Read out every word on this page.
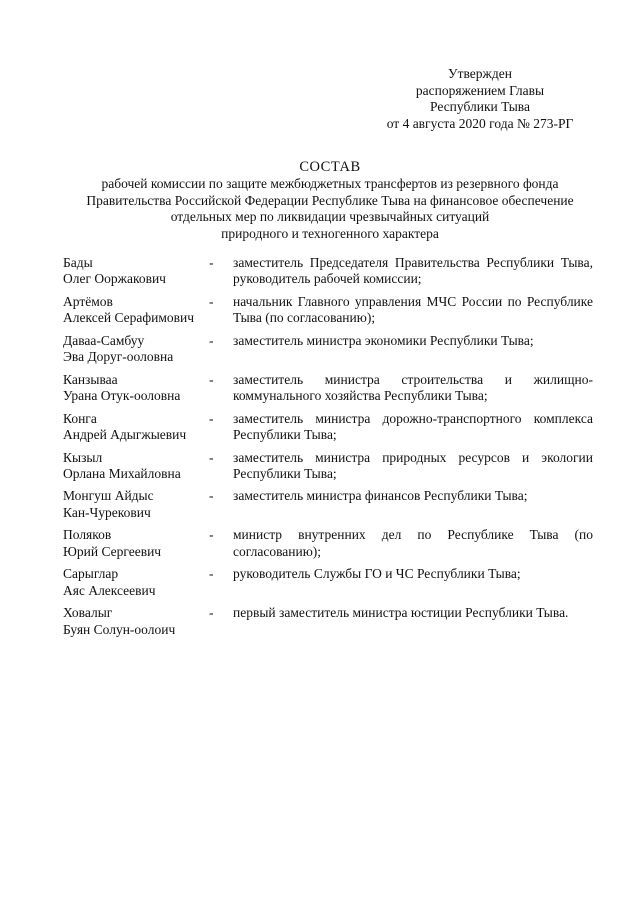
Утвержден
распоряжением Главы
Республики Тыва
от 4 августа 2020 года № 273-РГ
СОСТАВ
рабочей комиссии по защите межбюджетных трансфертов из резервного фонда
Правительства Российской Федерации Республике Тыва на финансовое обеспечение
отдельных мер по ликвидации чрезвычайных ситуаций
природного и техногенного характера
Бады
Олег Ооржакович
-	заместитель Председателя Правительства Республики Тыва, руководитель рабочей комиссии;
Артёмов
Алексей Серафимович
-	начальник Главного управления МЧС России по Республике Тыва (по согласованию);
Даваа-Самбуу
Эва Доруг-ооловна
-	заместитель министра экономики Республики Тыва;
Канзываа
Урана Отук-ооловна
-	заместитель министра строительства и жилищно-коммунального хозяйства Республики Тыва;
Конга
Андрей Адыгжыевич
-	заместитель министра дорожно-транспортного комплекса Республики Тыва;
Кызыл
Орлана Михайловна
-	заместитель министра природных ресурсов и экологии Республики Тыва;
Монгуш Айдыс
Кан-Чурекович
-	заместитель министра финансов Республики Тыва;
Поляков
Юрий Сергеевич
-	министр внутренних дел по Республике Тыва (по согласованию);
Сарыглар
Аяс Алексеевич
-	руководитель Службы ГО и ЧС Республики Тыва;
Ховалыг
Буян Солун-оолоич
-	первый заместитель министра юстиции Республики Тыва.
